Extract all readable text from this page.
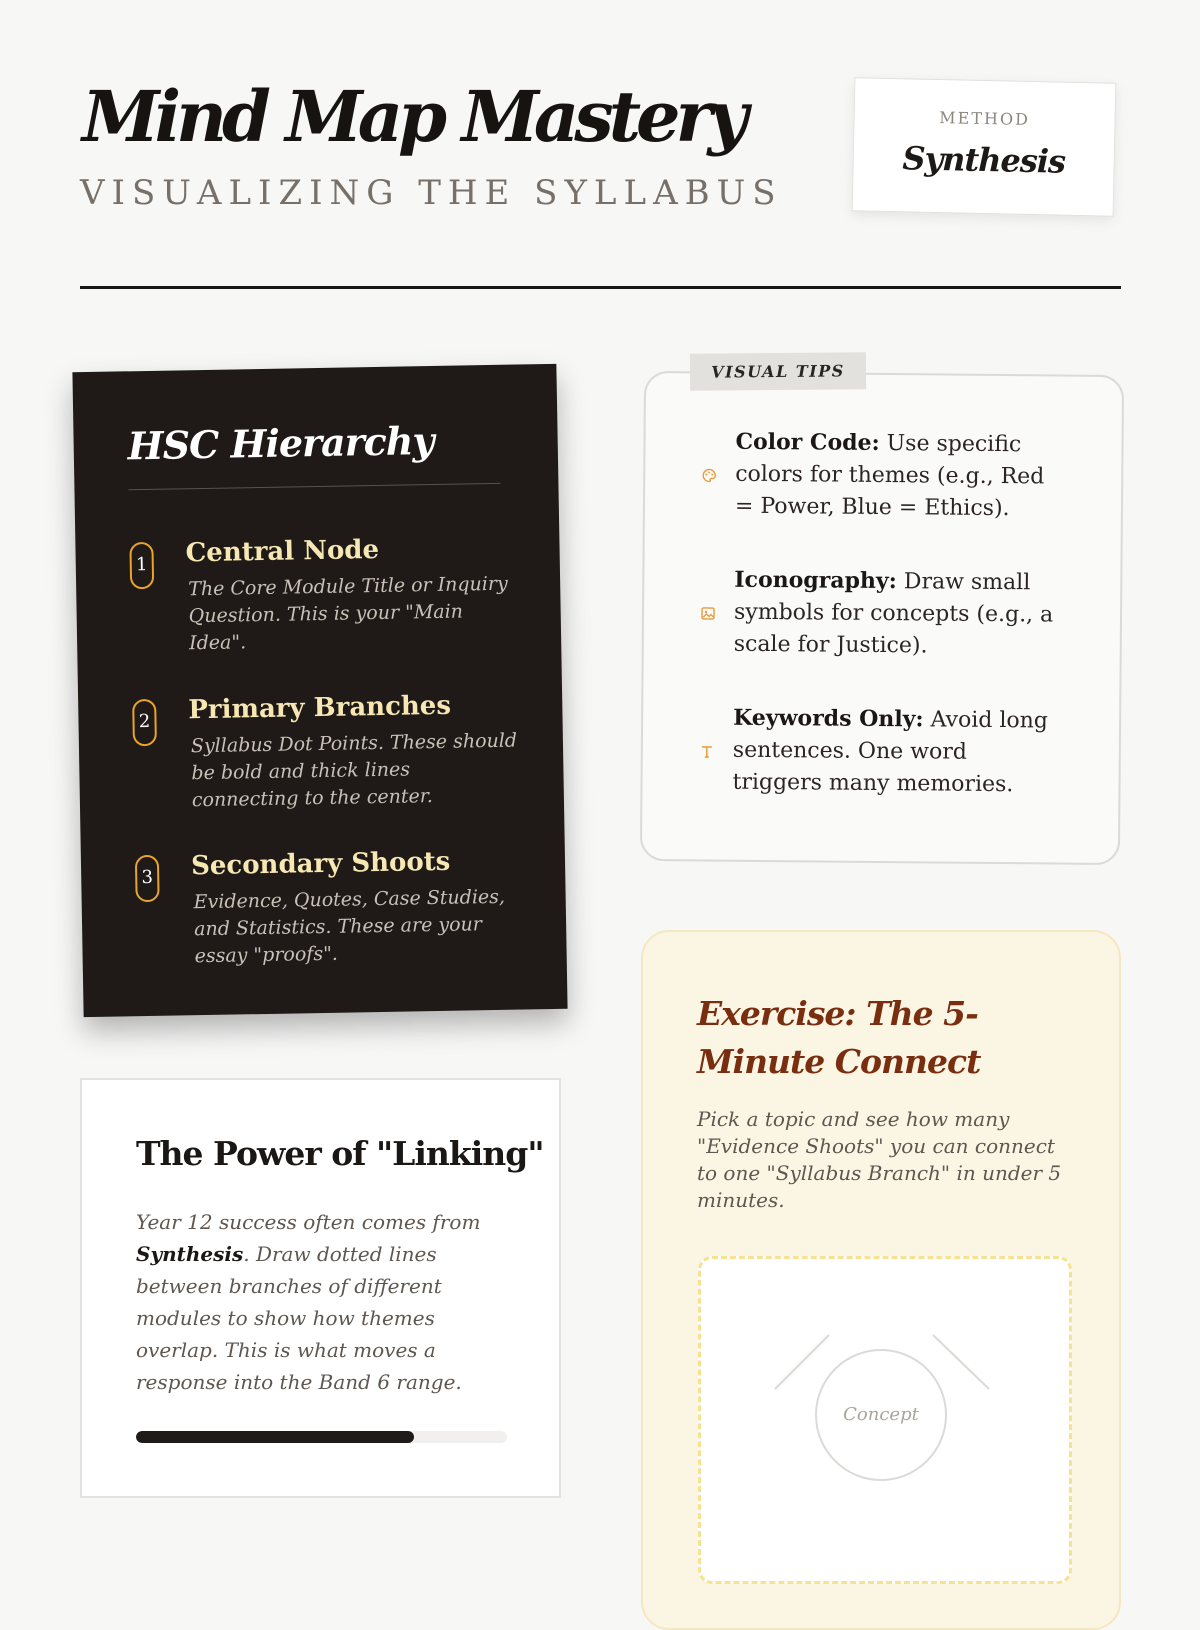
Mind Map Mastery
VISUALIZING THE SYLLABUS
METHOD
Synthesis
HSC Hierarchy
1 Central Node
The Core Module Title or Inquiry Question. This is your "Main Idea".
2 Primary Branches
Syllabus Dot Points. These should be bold and thick lines connecting to the center.
3 Secondary Shoots
Evidence, Quotes, Case Studies, and Statistics. These are your essay "proofs".
Color Code: Use specific colors for themes (e.g., Red = Power, Blue = Ethics).
Iconography: Draw small symbols for concepts (e.g., a scale for Justice).
Keywords Only: Avoid long sentences. One word triggers many memories.
VISUAL TIPS
The Power of "Linking"
Year 12 success often comes from Synthesis. Draw dotted lines between branches of different modules to show how themes overlap. This is what moves a response into the Band 6 range.
Exercise: The 5-Minute Connect
Pick a topic and see how many "Evidence Shoots" you can connect to one "Syllabus Branch" in under 5 minutes.
Concept
